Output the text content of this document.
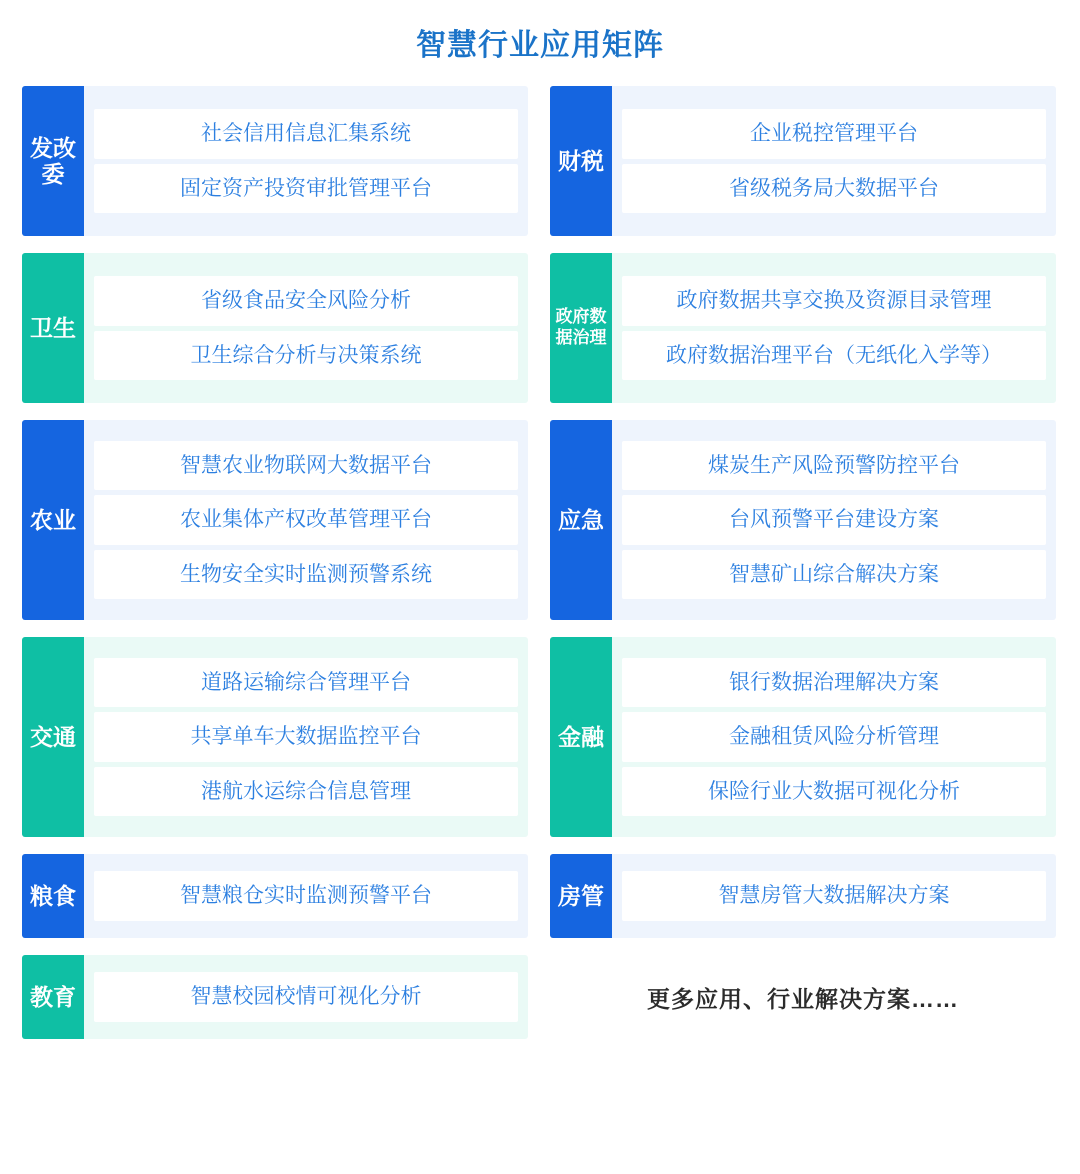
智慧行业应用矩阵
发改委
社会信用信息汇集系统
固定资产投资审批管理平台
财税
企业税控管理平台
省级税务局大数据平台
卫生
省级食品安全风险分析
卫生综合分析与决策系统
政府数据治理
政府数据共享交换及资源目录管理
政府数据治理平台（无纸化入学等）
农业
智慧农业物联网大数据平台
农业集体产权改革管理平台
生物安全实时监测预警系统
应急
煤炭生产风险预警防控平台
台风预警平台建设方案
智慧矿山综合解决方案
交通
道路运输综合管理平台
共享单车大数据监控平台
港航水运综合信息管理
金融
银行数据治理解决方案
金融租赁风险分析管理
保险行业大数据可视化分析
粮食	智慧粮仓实时监测预警平台	房管	智慧房管大数据解决方案
教育	智慧校园校情可视化分析	更多应用、行业解决方案……
